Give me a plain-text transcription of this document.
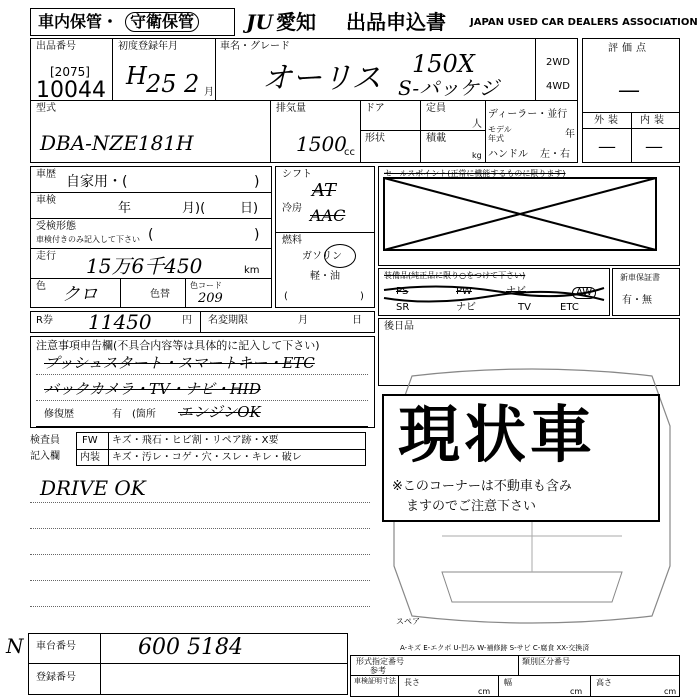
車内保管・ 守衛保管	JU 愛知 出品申込書 JAPAN USED CAR DEALERS ASSOCIATION
出品番号
[2075]
10044
初度登録年月
H 25 2 月
車名・グレード
オーリス 150X
S-パッケジ
2WD
4WD
型式
DBA-NZE181H
排気量
1500
cc
ドア
形状
定員
人
積載
kg
ディーラー・並行
モデル
年式	年
ハンドル 左・右
評価点
—
外装 内装
— —
車歴 自家用・(	)
車検
年	月)(	日)
受検形態
車検付きのみ記入して下さい (	)
走行 15万6千450	km
色 クロ	色替
色コード
209
シフト
AT
冷房 AAC
燃料
ガソリン
軽・油
(	)
セールスポイント(正常に機能するものに限ります)
装備品(純正品に限り○をつけて下さい)
PS	PW	ナビ	AW
SR	ナビ	TV	ETC
新車保証書
有・無
R券 11450	円 名変期限	月	日
後日品
注意事項申告欄(不具合内容等は具体的に記入して下さい)
プッシュスタート・スマートキー・ETC
バックカメラ・TV・ナビ・HID
修復歴	有 (箇所 エンジンOK
検査員
記入欄
FW キズ・飛石・ヒビ割・リペア跡・X要
内装 キズ・汚レ・コゲ・穴・スレ・キレ・破レ
DRIVE OK
スペア
A-キズ E-エクボ U-凹み W-補修跡 S-サビ C-腐食 XX-交換済
現状車
※このコーナーは不動車も含み
ますのでご注意下さい
N 車台番号	600 5184
登録番号
形式指定番号
参考
類別区分番号
車検証明寸法 長さ
cm
幅
cm
高さ
cm
